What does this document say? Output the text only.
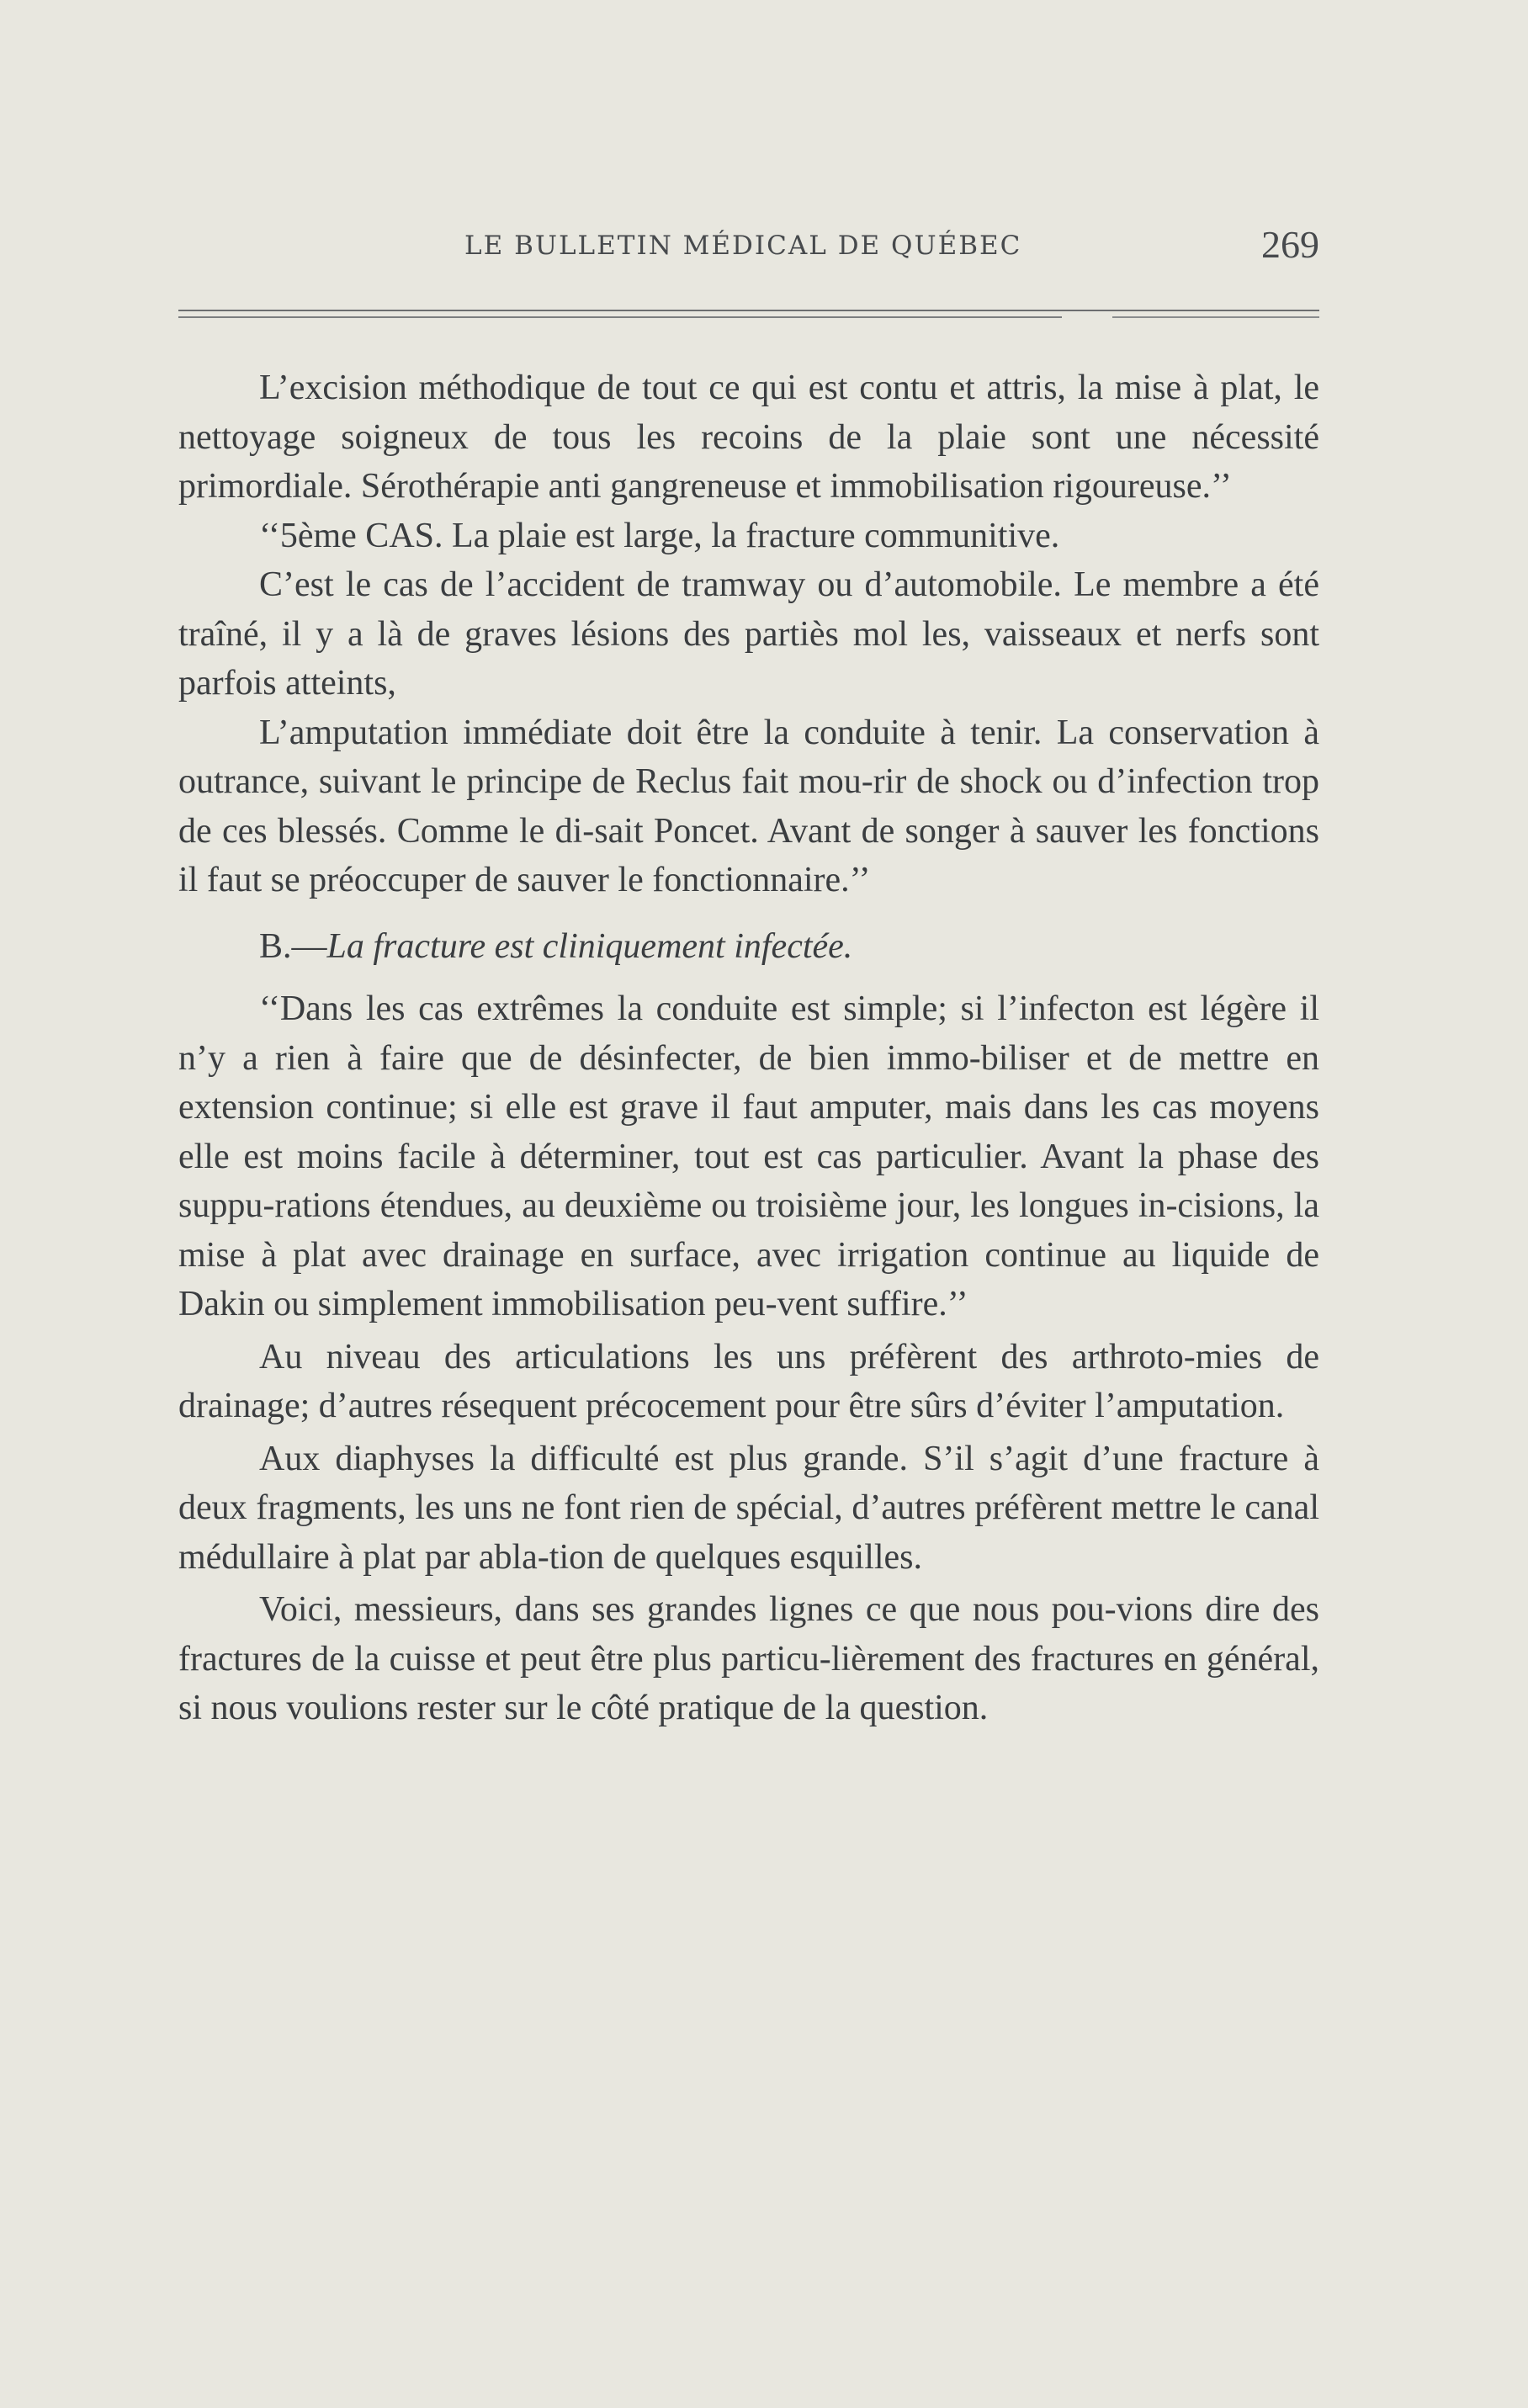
LE BULLETIN MÉDICAL DE QUÉBEC	269

L’excision méthodique de tout ce qui est contu et attris, la mise à plat, le nettoyage soigneux de tous les recoins de la plaie sont une nécessité primordiale. Sérothérapie anti gangreneuse et immobilisation rigoureuse.’’

‘‘5ème CAS. La plaie est large, la fracture communitive.

C’est le cas de l’accident de tramway ou d’automobile. Le membre a été traîné, il y a là de graves lésions des partiès mol les, vaisseaux et nerfs sont parfois atteints,

L’amputation immédiate doit être la conduite à tenir. La conservation à outrance, suivant le principe de Reclus fait mou-rir de shock ou d’infection trop de ces blessés. Comme le di-sait Poncet. Avant de songer à sauver les fonctions il faut se préoccuper de sauver le fonctionnaire.’’

B.—La fracture est cliniquement infectée.

‘‘Dans les cas extrêmes la conduite est simple; si l’infecton est légère il n’y a rien à faire que de désinfecter, de bien immo-biliser et de mettre en extension continue; si elle est grave il faut amputer, mais dans les cas moyens elle est moins facile à déterminer, tout est cas particulier. Avant la phase des suppu-rations étendues, au deuxième ou troisième jour, les longues in-cisions, la mise à plat avec drainage en surface, avec irrigation continue au liquide de Dakin ou simplement immobilisation peu-vent suffire.’’

Au niveau des articulations les uns préfèrent des arthroto-mies de drainage; d’autres résequent précocement pour être sûrs d’éviter l’amputation.

Aux diaphyses la difficulté est plus grande. S’il s’agit d’une fracture à deux fragments, les uns ne font rien de spécial, d’autres préfèrent mettre le canal médullaire à plat par abla-tion de quelques esquilles.

Voici, messieurs, dans ses grandes lignes ce que nous pou-vions dire des fractures de la cuisse et peut être plus particu-lièrement des fractures en général, si nous voulions rester sur le côté pratique de la question.
